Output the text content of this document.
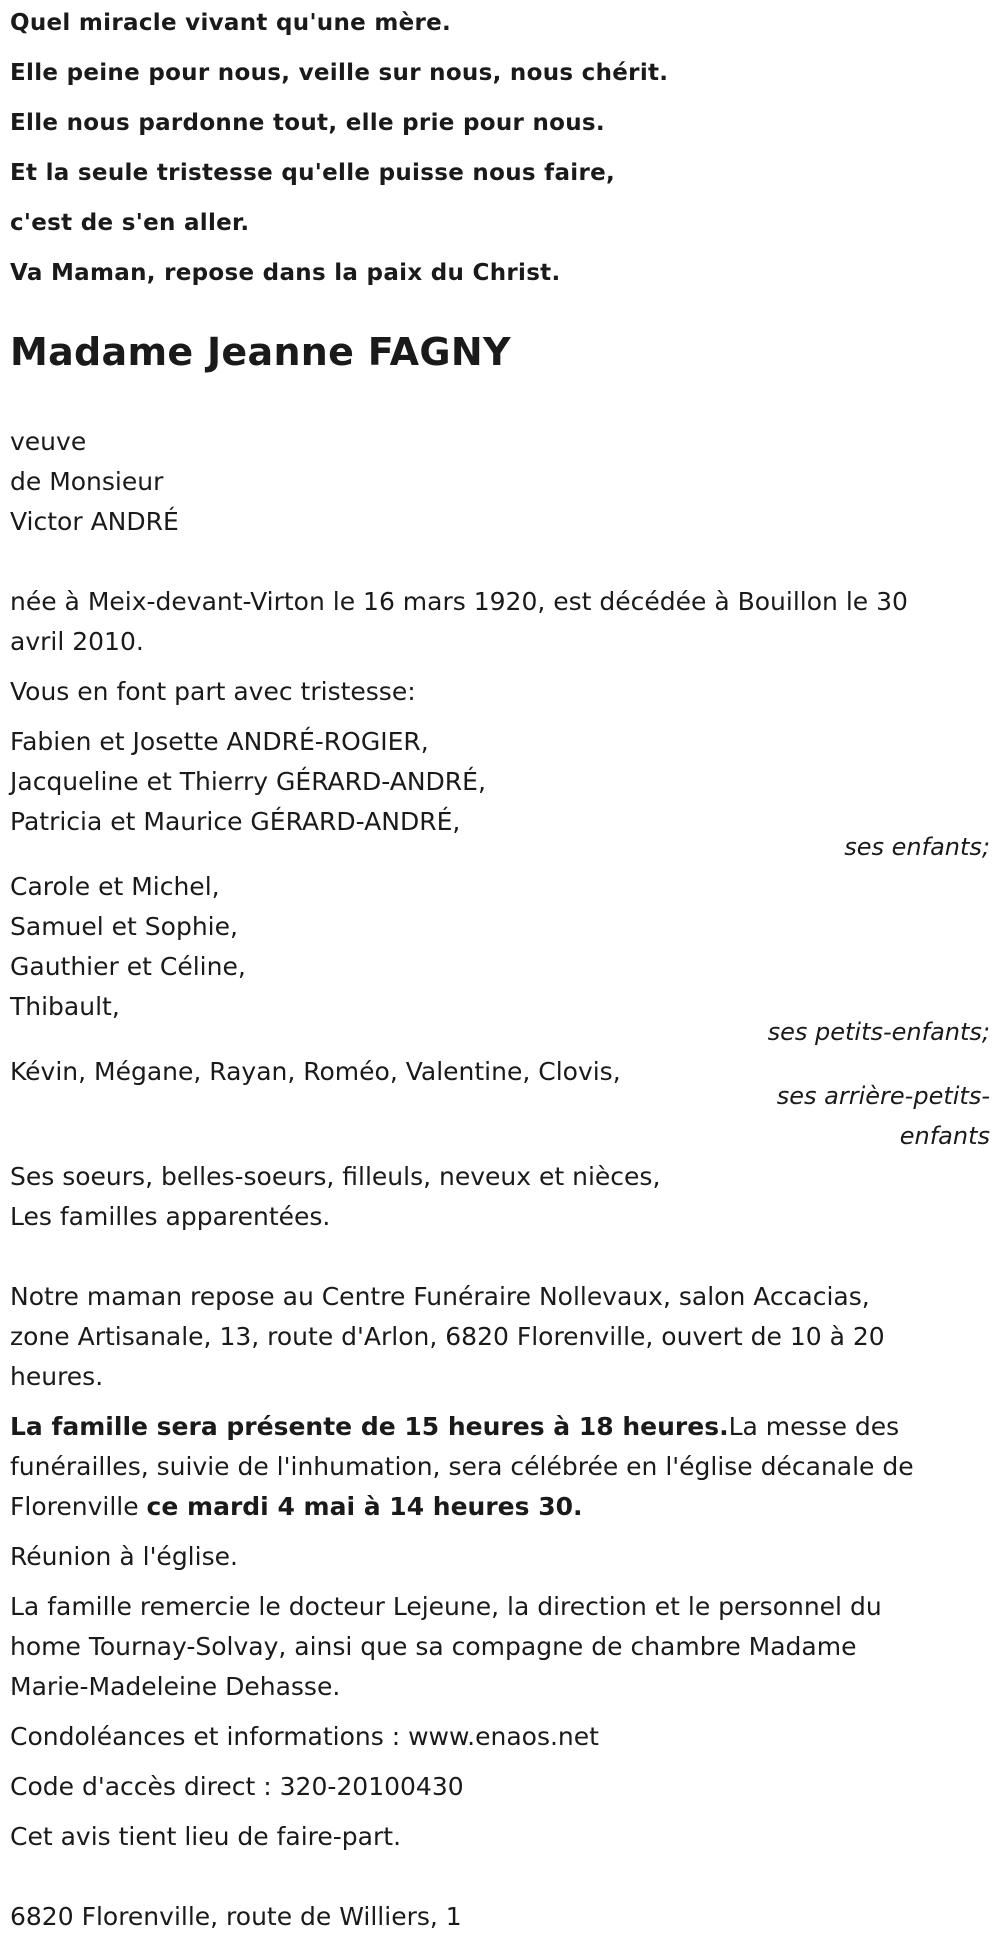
Quel miracle vivant qu'une mère.
Elle peine pour nous, veille sur nous, nous chérit.
Elle nous pardonne tout, elle prie pour nous.
Et la seule tristesse qu'elle puisse nous faire,
c'est de s'en aller.
Va Maman, repose dans la paix du Christ.
Madame Jeanne FAGNY
veuve
de Monsieur
Victor ANDRÉ
née à Meix-devant-Virton le 16 mars 1920, est décédée à Bouillon le 30
avril 2010.
Vous en font part avec tristesse:
Fabien et Josette ANDRÉ-ROGIER,
Jacqueline et Thierry GÉRARD-ANDRÉ,
Patricia et Maurice GÉRARD-ANDRÉ,
ses enfants;
Carole et Michel,
Samuel et Sophie,
Gauthier et Céline,
Thibault,
ses petits-enfants;
Kévin, Mégane, Rayan, Roméo, Valentine, Clovis,
ses arrière-petits-
enfants
Ses soeurs, belles-soeurs, filleuls, neveux et nièces,
Les familles apparentées.
Notre maman repose au Centre Funéraire Nollevaux, salon Accacias,
zone Artisanale, 13, route d'Arlon, 6820 Florenville, ouvert de 10 à 20
heures.
La famille sera présente de 15 heures à 18 heures.La messe des
funérailles, suivie de l'inhumation, sera célébrée en l'église décanale de
Florenville ce mardi 4 mai à 14 heures 30.
Réunion à l'église.
La famille remercie le docteur Lejeune, la direction et le personnel du
home Tournay-Solvay, ainsi que sa compagne de chambre Madame
Marie-Madeleine Dehasse.
Condoléances et informations : www.enaos.net
Code d'accès direct : 320-20100430
Cet avis tient lieu de faire-part.
6820 Florenville, route de Williers, 1
